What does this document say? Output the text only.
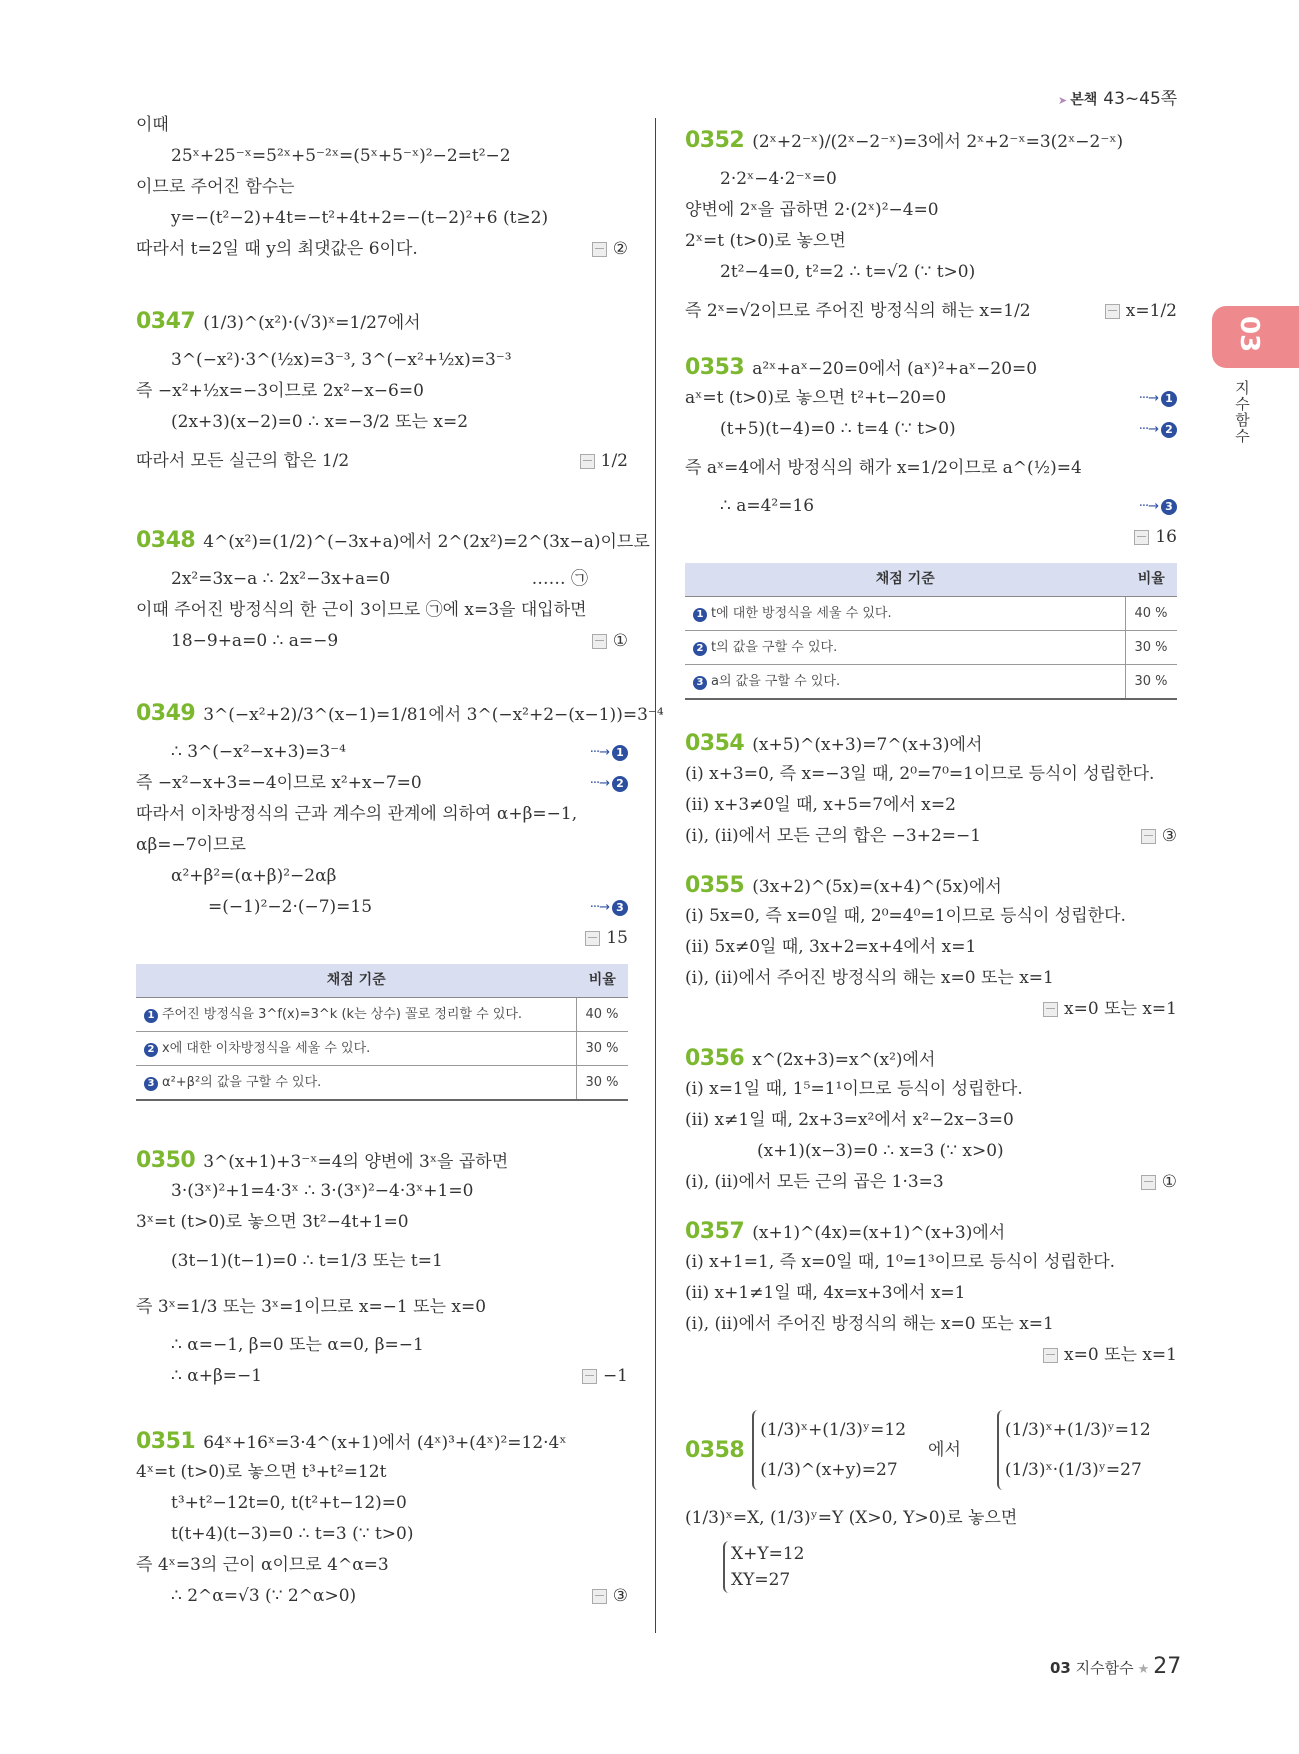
➤ 본책 43~45쪽
이때
25ˣ+25⁻ˣ=5²ˣ+5⁻²ˣ=(5ˣ+5⁻ˣ)²−2=t²−2
이므로 주어진 함수는
y=−(t²−2)+4t=−t²+4t+2=−(t−2)²+6 (t≥2)
따라서 t=2일 때 y의 최댓값은 6이다.	②
0347 (1/3)^(x²)·(√3)ˣ=1/27에서
3^(−x²)·3^(½x)=3⁻³, 3^(−x²+½x)=3⁻³
즉 −x²+½x=−3이므로 2x²−x−6=0
(2x+3)(x−2)=0 ∴ x=−3/2 또는 x=2
따라서 모든 실근의 합은 1/2	1/2
0348 4^(x²)=(1/2)^(−3x+a)에서 2^(2x²)=2^(3x−a)이므로
2x²=3x−a ∴ 2x²−3x+a=0	…… ㉠
이때 주어진 방정식의 한 근이 3이므로 ㉠에 x=3을 대입하면
18−9+a=0 ∴ a=−9	①
0349 3^(−x²+2)/3^(x−1)=1/81에서 3^(−x²+2−(x−1))=3⁻⁴
∴ 3^(−x²−x+3)=3⁻⁴	···→ 1
즉 −x²−x+3=−4이므로 x²+x−7=0	···→ 2
따라서 이차방정식의 근과 계수의 관계에 의하여 α+β=−1,
αβ=−7이므로
α²+β²=(α+β)²−2αβ
=(−1)²−2·(−7)=15	···→ 3
15
채점 기준	비율
1 주어진 방정식을 3^f(x)=3^k (k는 상수) 꼴로 정리할 수 있다.	40 %
2 x에 대한 이차방정식을 세울 수 있다.	30 %
3 α²+β²의 값을 구할 수 있다.	30 %
0350 3^(x+1)+3⁻ˣ=4의 양변에 3ˣ을 곱하면
3·(3ˣ)²+1=4·3ˣ ∴ 3·(3ˣ)²−4·3ˣ+1=0
3ˣ=t (t>0)로 놓으면 3t²−4t+1=0
(3t−1)(t−1)=0 ∴ t=1/3 또는 t=1
즉 3ˣ=1/3 또는 3ˣ=1이므로 x=−1 또는 x=0
∴ α=−1, β=0 또는 α=0, β=−1
∴ α+β=−1	−1
0351 64ˣ+16ˣ=3·4^(x+1)에서 (4ˣ)³+(4ˣ)²=12·4ˣ
4ˣ=t (t>0)로 놓으면 t³+t²=12t
t³+t²−12t=0, t(t²+t−12)=0
t(t+4)(t−3)=0 ∴ t=3 (∵ t>0)
즉 4ˣ=3의 근이 α이므로 4^α=3
∴ 2^α=√3 (∵ 2^α>0)	③
0352 (2ˣ+2⁻ˣ)/(2ˣ−2⁻ˣ)=3에서 2ˣ+2⁻ˣ=3(2ˣ−2⁻ˣ)
2·2ˣ−4·2⁻ˣ=0
양변에 2ˣ을 곱하면 2·(2ˣ)²−4=0
2ˣ=t (t>0)로 놓으면
2t²−4=0, t²=2 ∴ t=√2 (∵ t>0)
즉 2ˣ=√2이므로 주어진 방정식의 해는 x=1/2	x=1/2
0353 a²ˣ+aˣ−20=0에서 (aˣ)²+aˣ−20=0
aˣ=t (t>0)로 놓으면 t²+t−20=0	···→ 1
(t+5)(t−4)=0 ∴ t=4 (∵ t>0)	···→ 2
즉 aˣ=4에서 방정식의 해가 x=1/2이므로 a^(½)=4
∴ a=4²=16	···→ 3
16
채점 기준	비율
1 t에 대한 방정식을 세울 수 있다.	40 %
2 t의 값을 구할 수 있다.	30 %
3 a의 값을 구할 수 있다.	30 %
0354 (x+5)^(x+3)=7^(x+3)에서
(i) x+3=0, 즉 x=−3일 때, 2⁰=7⁰=1이므로 등식이 성립한다.
(ii) x+3≠0일 때, x+5=7에서 x=2
(i), (ii)에서 모든 근의 합은 −3+2=−1	③
0355 (3x+2)^(5x)=(x+4)^(5x)에서
(i) 5x=0, 즉 x=0일 때, 2⁰=4⁰=1이므로 등식이 성립한다.
(ii) 5x≠0일 때, 3x+2=x+4에서 x=1
(i), (ii)에서 주어진 방정식의 해는 x=0 또는 x=1
x=0 또는 x=1
0356 x^(2x+3)=x^(x²)에서
(i) x=1일 때, 1⁵=1¹이므로 등식이 성립한다.
(ii) x≠1일 때, 2x+3=x²에서 x²−2x−3=0
(x+1)(x−3)=0 ∴ x=3 (∵ x>0)
(i), (ii)에서 모든 근의 곱은 1·3=3	①
0357 (x+1)^(4x)=(x+1)^(x+3)에서
(i) x+1=1, 즉 x=0일 때, 1⁰=1³이므로 등식이 성립한다.
(ii) x+1≠1일 때, 4x=x+3에서 x=1
(i), (ii)에서 주어진 방정식의 해는 x=0 또는 x=1
x=0 또는 x=1
0358
(1/3)ˣ+(1/3)ʸ=12
(1/3)^(x+y)=27
에서
(1/3)ˣ+(1/3)ʸ=12
(1/3)ˣ·(1/3)ʸ=27
(1/3)ˣ=X, (1/3)ʸ=Y (X>0, Y>0)로 놓으면
X+Y=12
XY=27
03
지수함수
03 지수함수 ★ 27
